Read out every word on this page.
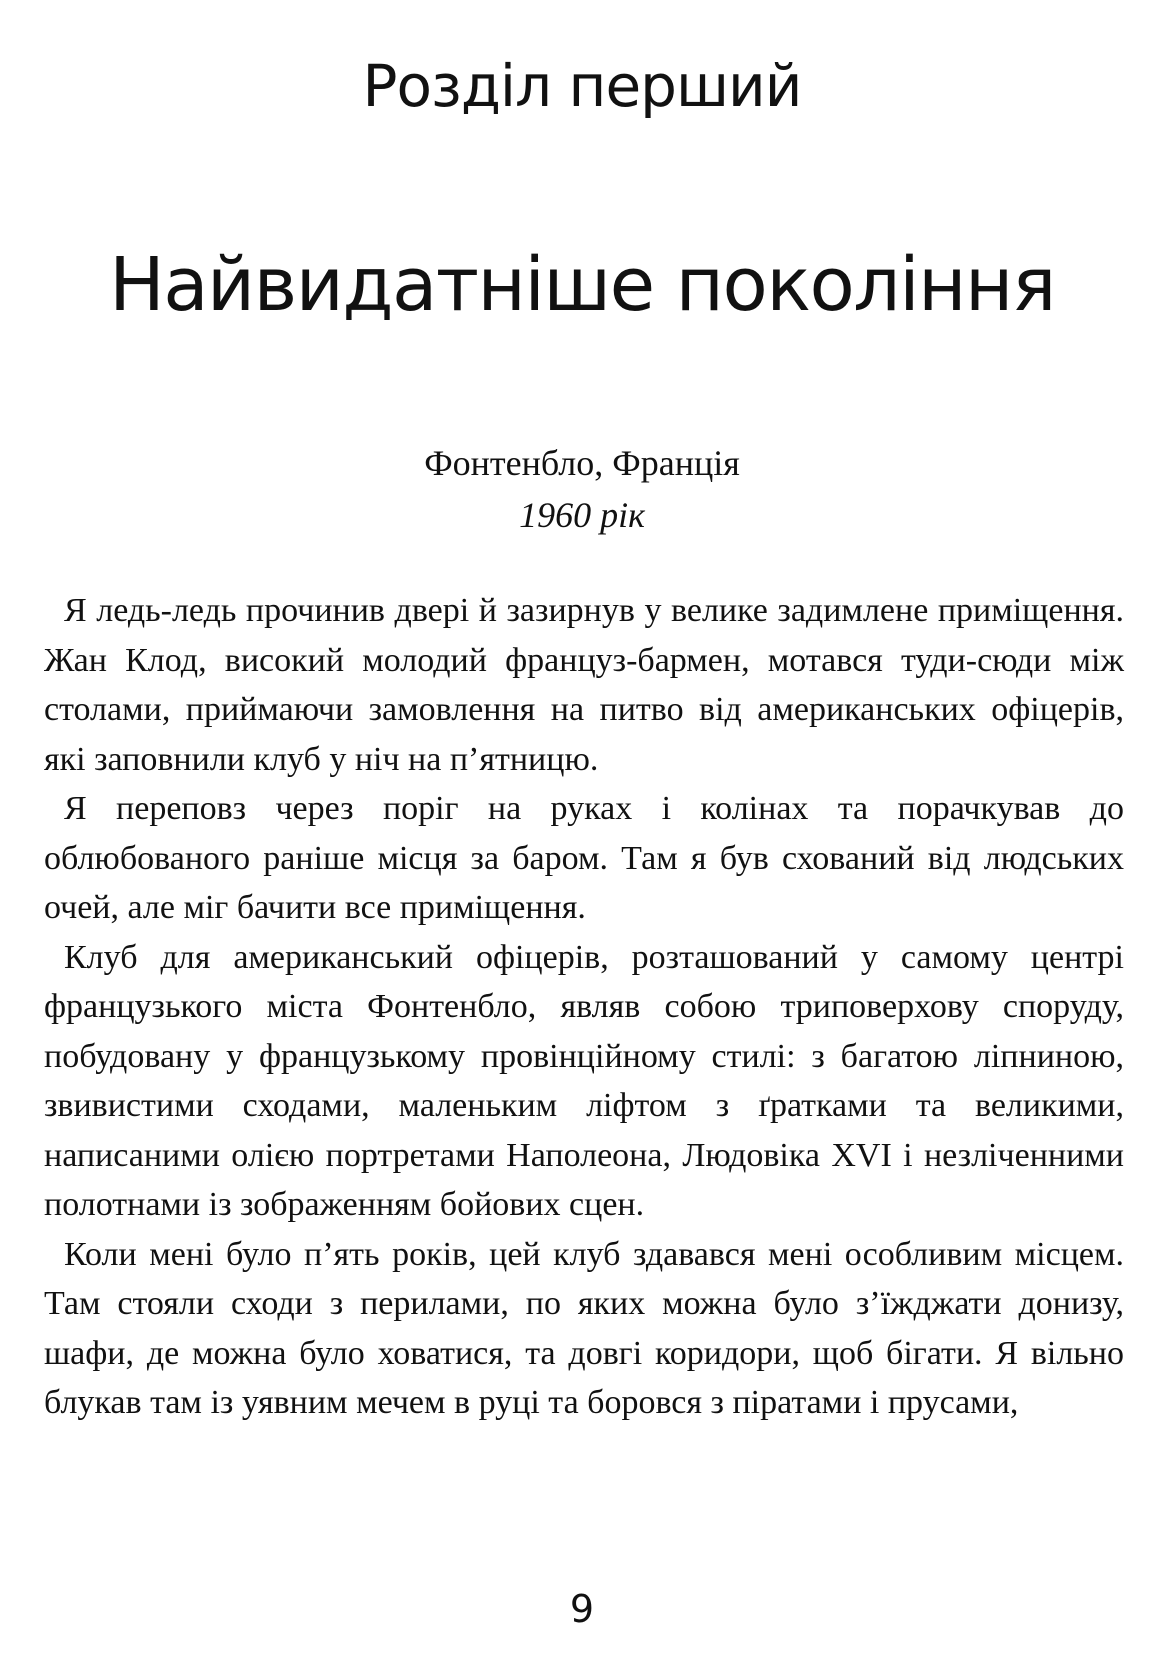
Розділ перший
Найвидатніше покоління
Фонтенбло, Франція
1960 рік

Я ледь-ледь прочинив двері й зазирнув у велике задимлене приміщення. Жан Клод, високий молодий француз-бармен, мотався туди-сюди між столами, приймаючи замовлення на питво від американських офіцерів, які заповнили клуб у ніч на п’ятницю.

Я переповз через поріг на руках і колінах та порачкував до облюбованого раніше місця за баром. Там я був схований від людських очей, але міг бачити все приміщення.

Клуб для американський офіцерів, розташований у самому центрі французького міста Фонтенбло, являв собою триповерхову споруду, побудовану у французькому провінційному стилі: з багатою ліпниною, звивистими сходами, маленьким ліфтом з ґратками та великими, написаними олією портретами Наполеона, Людовіка XVI і незліченними полотнами із зображенням бойових сцен.

Коли мені було п’ять років, цей клуб здавався мені особливим місцем. Там стояли сходи з перилами, по яких можна було з’їжджати донизу, шафи, де можна було ховатися, та довгі коридори, щоб бігати. Я вільно блукав там із уявним мечем в руці та боровся з піратами і прусами,

9
